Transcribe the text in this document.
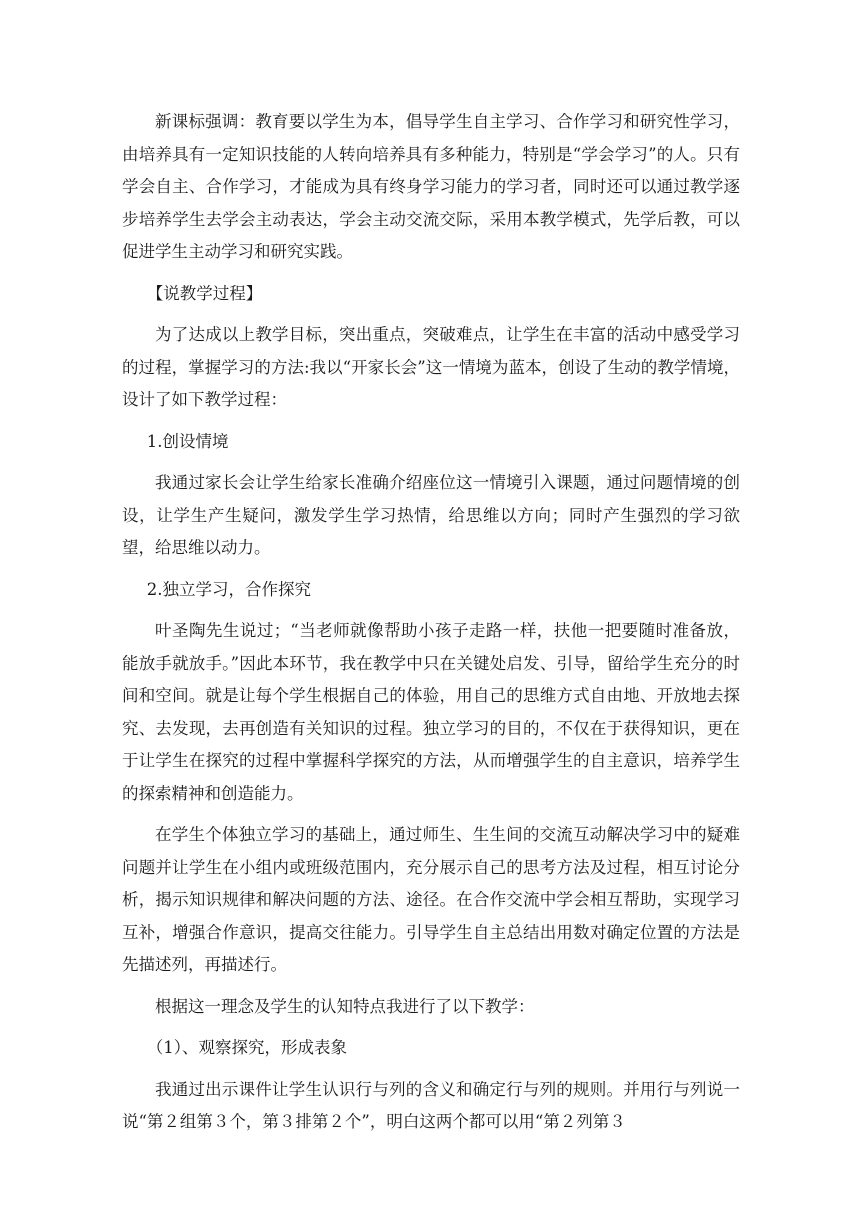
新课标强调：教育要以学生为本，倡导学生自主学习、合作学习和研究性学习，由培养具有一定知识技能的人转向培养具有多种能力，特别是“学会学习”的人。只有学会自主、合作学习，才能成为具有终身学习能力的学习者，同时还可以通过教学逐步培养学生去学会主动表达，学会主动交流交际，采用本教学模式，先学后教，可以促进学生主动学习和研究实践。

【说教学过程】

为了达成以上教学目标，突出重点，突破难点，让学生在丰富的活动中感受学习的过程，掌握学习的方法:我以“开家长会”这一情境为蓝本，创设了生动的教学情境，设计了如下教学过程：

1.创设情境

我通过家长会让学生给家长准确介绍座位这一情境引入课题，通过问题情境的创设，让学生产生疑问，激发学生学习热情，给思维以方向；同时产生强烈的学习欲望，给思维以动力。

2.独立学习，合作探究

叶圣陶先生说过；“当老师就像帮助小孩子走路一样，扶他一把要随时准备放，能放手就放手。”因此本环节，我在教学中只在关键处启发、引导，留给学生充分的时间和空间。就是让每个学生根据自己的体验，用自己的思维方式自由地、开放地去探究、去发现，去再创造有关知识的过程。独立学习的目的，不仅在于获得知识，更在于让学生在探究的过程中掌握科学探究的方法，从而增强学生的自主意识，培养学生的探索精神和创造能力。

在学生个体独立学习的基础上，通过师生、生生间的交流互动解决学习中的疑难问题并让学生在小组内或班级范围内，充分展示自己的思考方法及过程，相互讨论分析，揭示知识规律和解决问题的方法、途径。在合作交流中学会相互帮助，实现学习互补，增强合作意识，提高交往能力。引导学生自主总结出用数对确定位置的方法是先描述列，再描述行。

根据这一理念及学生的认知特点我进行了以下教学：

（1）、观察探究，形成表象

我通过出示课件让学生认识行与列的含义和确定行与列的规则。并用行与列说一说“第２组第３个，第３排第２个”，明白这两个都可以用“第２列第３
